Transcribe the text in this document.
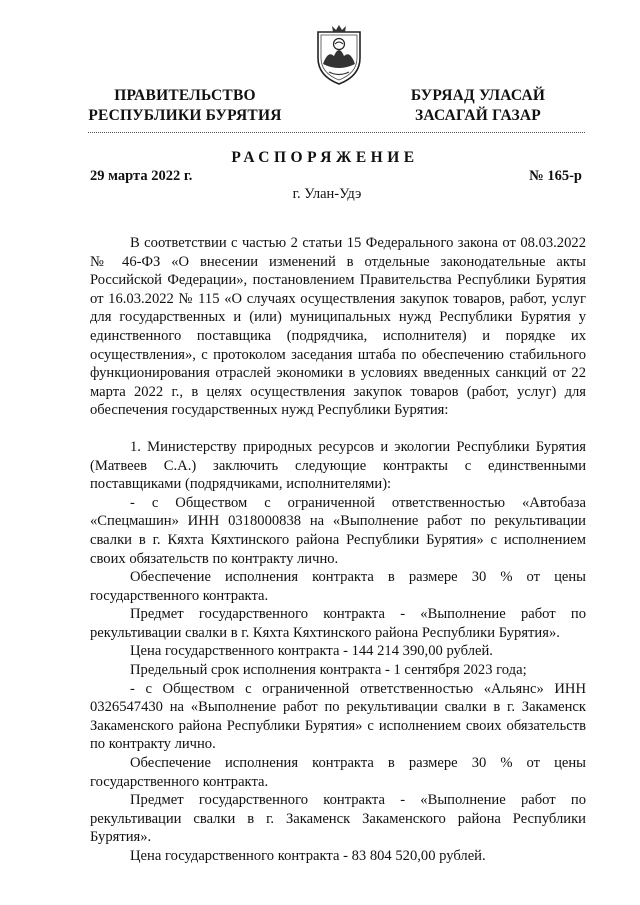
ПРАВИТЕЛЬСТВО
РЕСПУБЛИКИ БУРЯТИЯ
БУРЯАД УЛАСАЙ
ЗАСАГАЙ ГАЗАР
РАСПОРЯЖЕНИЕ
29 марта 2022 г.	№ 165-р
г. Улан-Удэ

В соответствии с частью 2 статьи 15 Федерального закона от 08.03.2022 № 46-ФЗ «О внесении изменений в отдельные законодательные акты Российской Федерации», постановлением Правительства Республики Бурятия от 16.03.2022 № 115 «О случаях осуществления закупок товаров, работ, услуг для государственных и (или) муниципальных нужд Республики Бурятия у единственного поставщика (подрядчика, исполнителя) и порядке их осуществления», с протоколом заседания штаба по обеспечению стабильного функционирования отраслей экономики в условиях введенных санкций от 22 марта 2022 г., в целях осуществления закупок товаров (работ, услуг) для обеспечения государственных нужд Республики Бурятия:

1. Министерству природных ресурсов и экологии Республики Бурятия (Матвеев С.А.) заключить следующие контракты с единственными поставщиками (подрядчиками, исполнителями):

- с Обществом с ограниченной ответственностью «Автобаза «Спецмашин» ИНН 0318000838 на «Выполнение работ по рекультивации свалки в г. Кяхта Кяхтинского района Республики Бурятия» с исполнением своих обязательств по контракту лично.

Обеспечение исполнения контракта в размере 30 % от цены государственного контракта.

Предмет государственного контракта - «Выполнение работ по рекультивации свалки в г. Кяхта Кяхтинского района Республики Бурятия».

Цена государственного контракта - 144 214 390,00 рублей.

Предельный срок исполнения контракта - 1 сентября 2023 года;

- с Обществом с ограниченной ответственностью «Альянс» ИНН 0326547430 на «Выполнение работ по рекультивации свалки в г. Закаменск Закаменского района Республики Бурятия» с исполнением своих обязательств по контракту лично.

Обеспечение исполнения контракта в размере 30 % от цены государственного контракта.

Предмет государственного контракта - «Выполнение работ по рекультивации свалки в г. Закаменск Закаменского района Республики Бурятия».

Цена государственного контракта - 83 804 520,00 рублей.
